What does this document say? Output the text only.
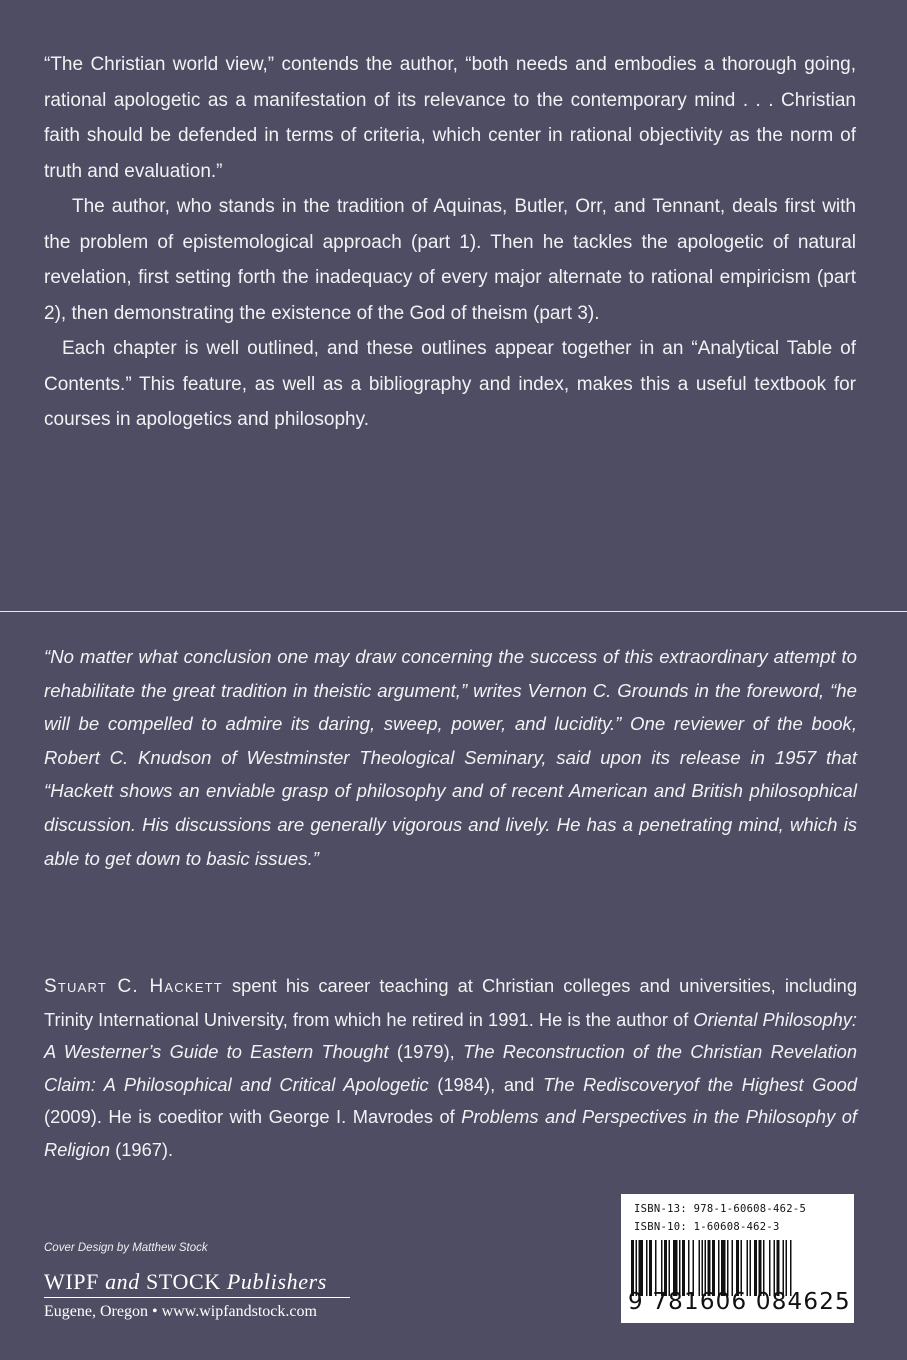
“The Christian world view,” contends the author, “both needs and embodies a thorough going, rational apologetic as a manifestation of its relevance to the contemporary mind . . . Christian faith should be defended in terms of criteria, which center in rational objectivity as the norm of truth and evaluation.”

The author, who stands in the tradition of Aquinas, Butler, Orr, and Tennant, deals first with the problem of epistemological approach (part 1). Then he tackles the apologetic of natural revelation, first setting forth the inadequacy of every major alternate to rational empiricism (part 2), then demonstrating the existence of the God of theism (part 3).

Each chapter is well outlined, and these outlines appear together in an “Analytical Table of Contents.” This feature, as well as a bibliography and index, makes this a useful textbook for courses in apologetics and philosophy.

“No matter what conclusion one may draw concerning the success of this extraordinary attempt to rehabilitate the great tradition in theistic argument,” writes Vernon C. Grounds in the foreword, “he will be compelled to admire its daring, sweep, power, and lucidity.” One reviewer of the book, Robert C. Knudson of Westminster Theological Seminary, said upon its release in 1957 that “Hackett shows an enviable grasp of philosophy and of recent American and British philosophical discussion. His discussions are generally vigorous and lively. He has a penetrating mind, which is able to get down to basic issues.”

Stuart C. Hackett spent his career teaching at Christian colleges and universities, including Trinity International University, from which he retired in 1991. He is the author of Oriental Philosophy: A Westerner’s Guide to Eastern Thought (1979), The Reconstruction of the Christian Revelation Claim: A Philosophical and Critical Apologetic (1984), and The Rediscoveryof the Highest Good (2009). He is coeditor with George I. Mavrodes of Problems and Perspectives in the Philosophy of Religion (1967).

Cover Design by Matthew Stock
WIPF and STOCK Publishers
Eugene, Oregon • www.wipfandstock.com
ISBN-13: 978-1-60608-462-5
ISBN-10: 1-60608-462-3
9 781606 084625
